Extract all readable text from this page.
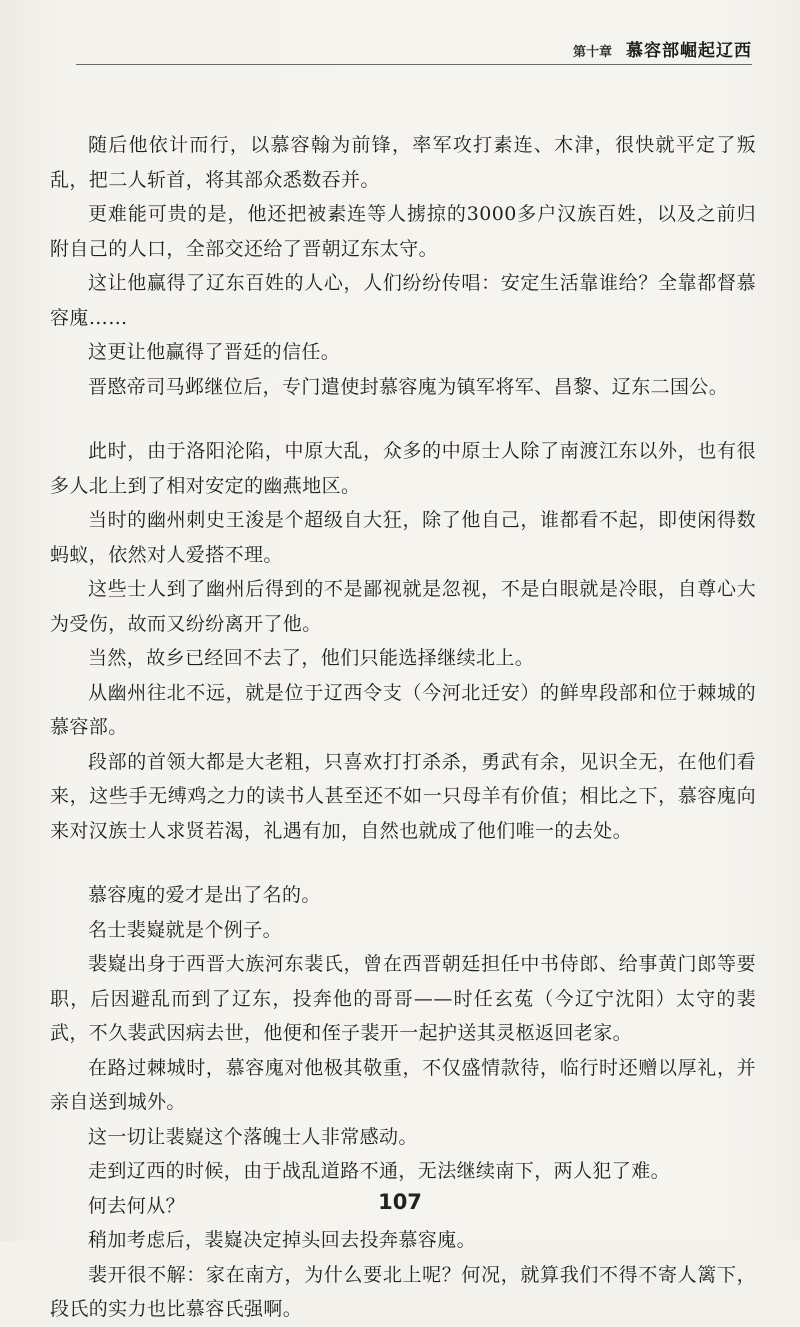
第十章 慕容部崛起辽西

随后他依计而行，以慕容翰为前锋，率军攻打素连、木津，很快就平定了叛乱，把二人斩首，将其部众悉数吞并。

更难能可贵的是，他还把被素连等人掳掠的3000多户汉族百姓，以及之前归附自己的人口，全部交还给了晋朝辽东太守。

这让他赢得了辽东百姓的人心，人们纷纷传唱：安定生活靠谁给？全靠都督慕容廆……

这更让他赢得了晋廷的信任。

晋愍帝司马邺继位后，专门遣使封慕容廆为镇军将军、昌黎、辽东二国公。

此时，由于洛阳沦陷，中原大乱，众多的中原士人除了南渡江东以外，也有很多人北上到了相对安定的幽燕地区。

当时的幽州刺史王浚是个超级自大狂，除了他自己，谁都看不起，即使闲得数蚂蚁，依然对人爱搭不理。

这些士人到了幽州后得到的不是鄙视就是忽视，不是白眼就是冷眼，自尊心大为受伤，故而又纷纷离开了他。

当然，故乡已经回不去了，他们只能选择继续北上。

从幽州往北不远，就是位于辽西令支（今河北迁安）的鲜卑段部和位于棘城的慕容部。

段部的首领大都是大老粗，只喜欢打打杀杀，勇武有余，见识全无，在他们看来，这些手无缚鸡之力的读书人甚至还不如一只母羊有价值；相比之下，慕容廆向来对汉族士人求贤若渴，礼遇有加，自然也就成了他们唯一的去处。

慕容廆的爱才是出了名的。

名士裴嶷就是个例子。

裴嶷出身于西晋大族河东裴氏，曾在西晋朝廷担任中书侍郎、给事黄门郎等要职，后因避乱而到了辽东，投奔他的哥哥——时任玄菟（今辽宁沈阳）太守的裴武，不久裴武因病去世，他便和侄子裴开一起护送其灵柩返回老家。

在路过棘城时，慕容廆对他极其敬重，不仅盛情款待，临行时还赠以厚礼，并亲自送到城外。

这一切让裴嶷这个落魄士人非常感动。

走到辽西的时候，由于战乱道路不通，无法继续南下，两人犯了难。

何去何从？

稍加考虑后，裴嶷决定掉头回去投奔慕容廆。

裴开很不解：家在南方，为什么要北上呢？何况，就算我们不得不寄人篱下，段氏的实力也比慕容氏强啊。

107
